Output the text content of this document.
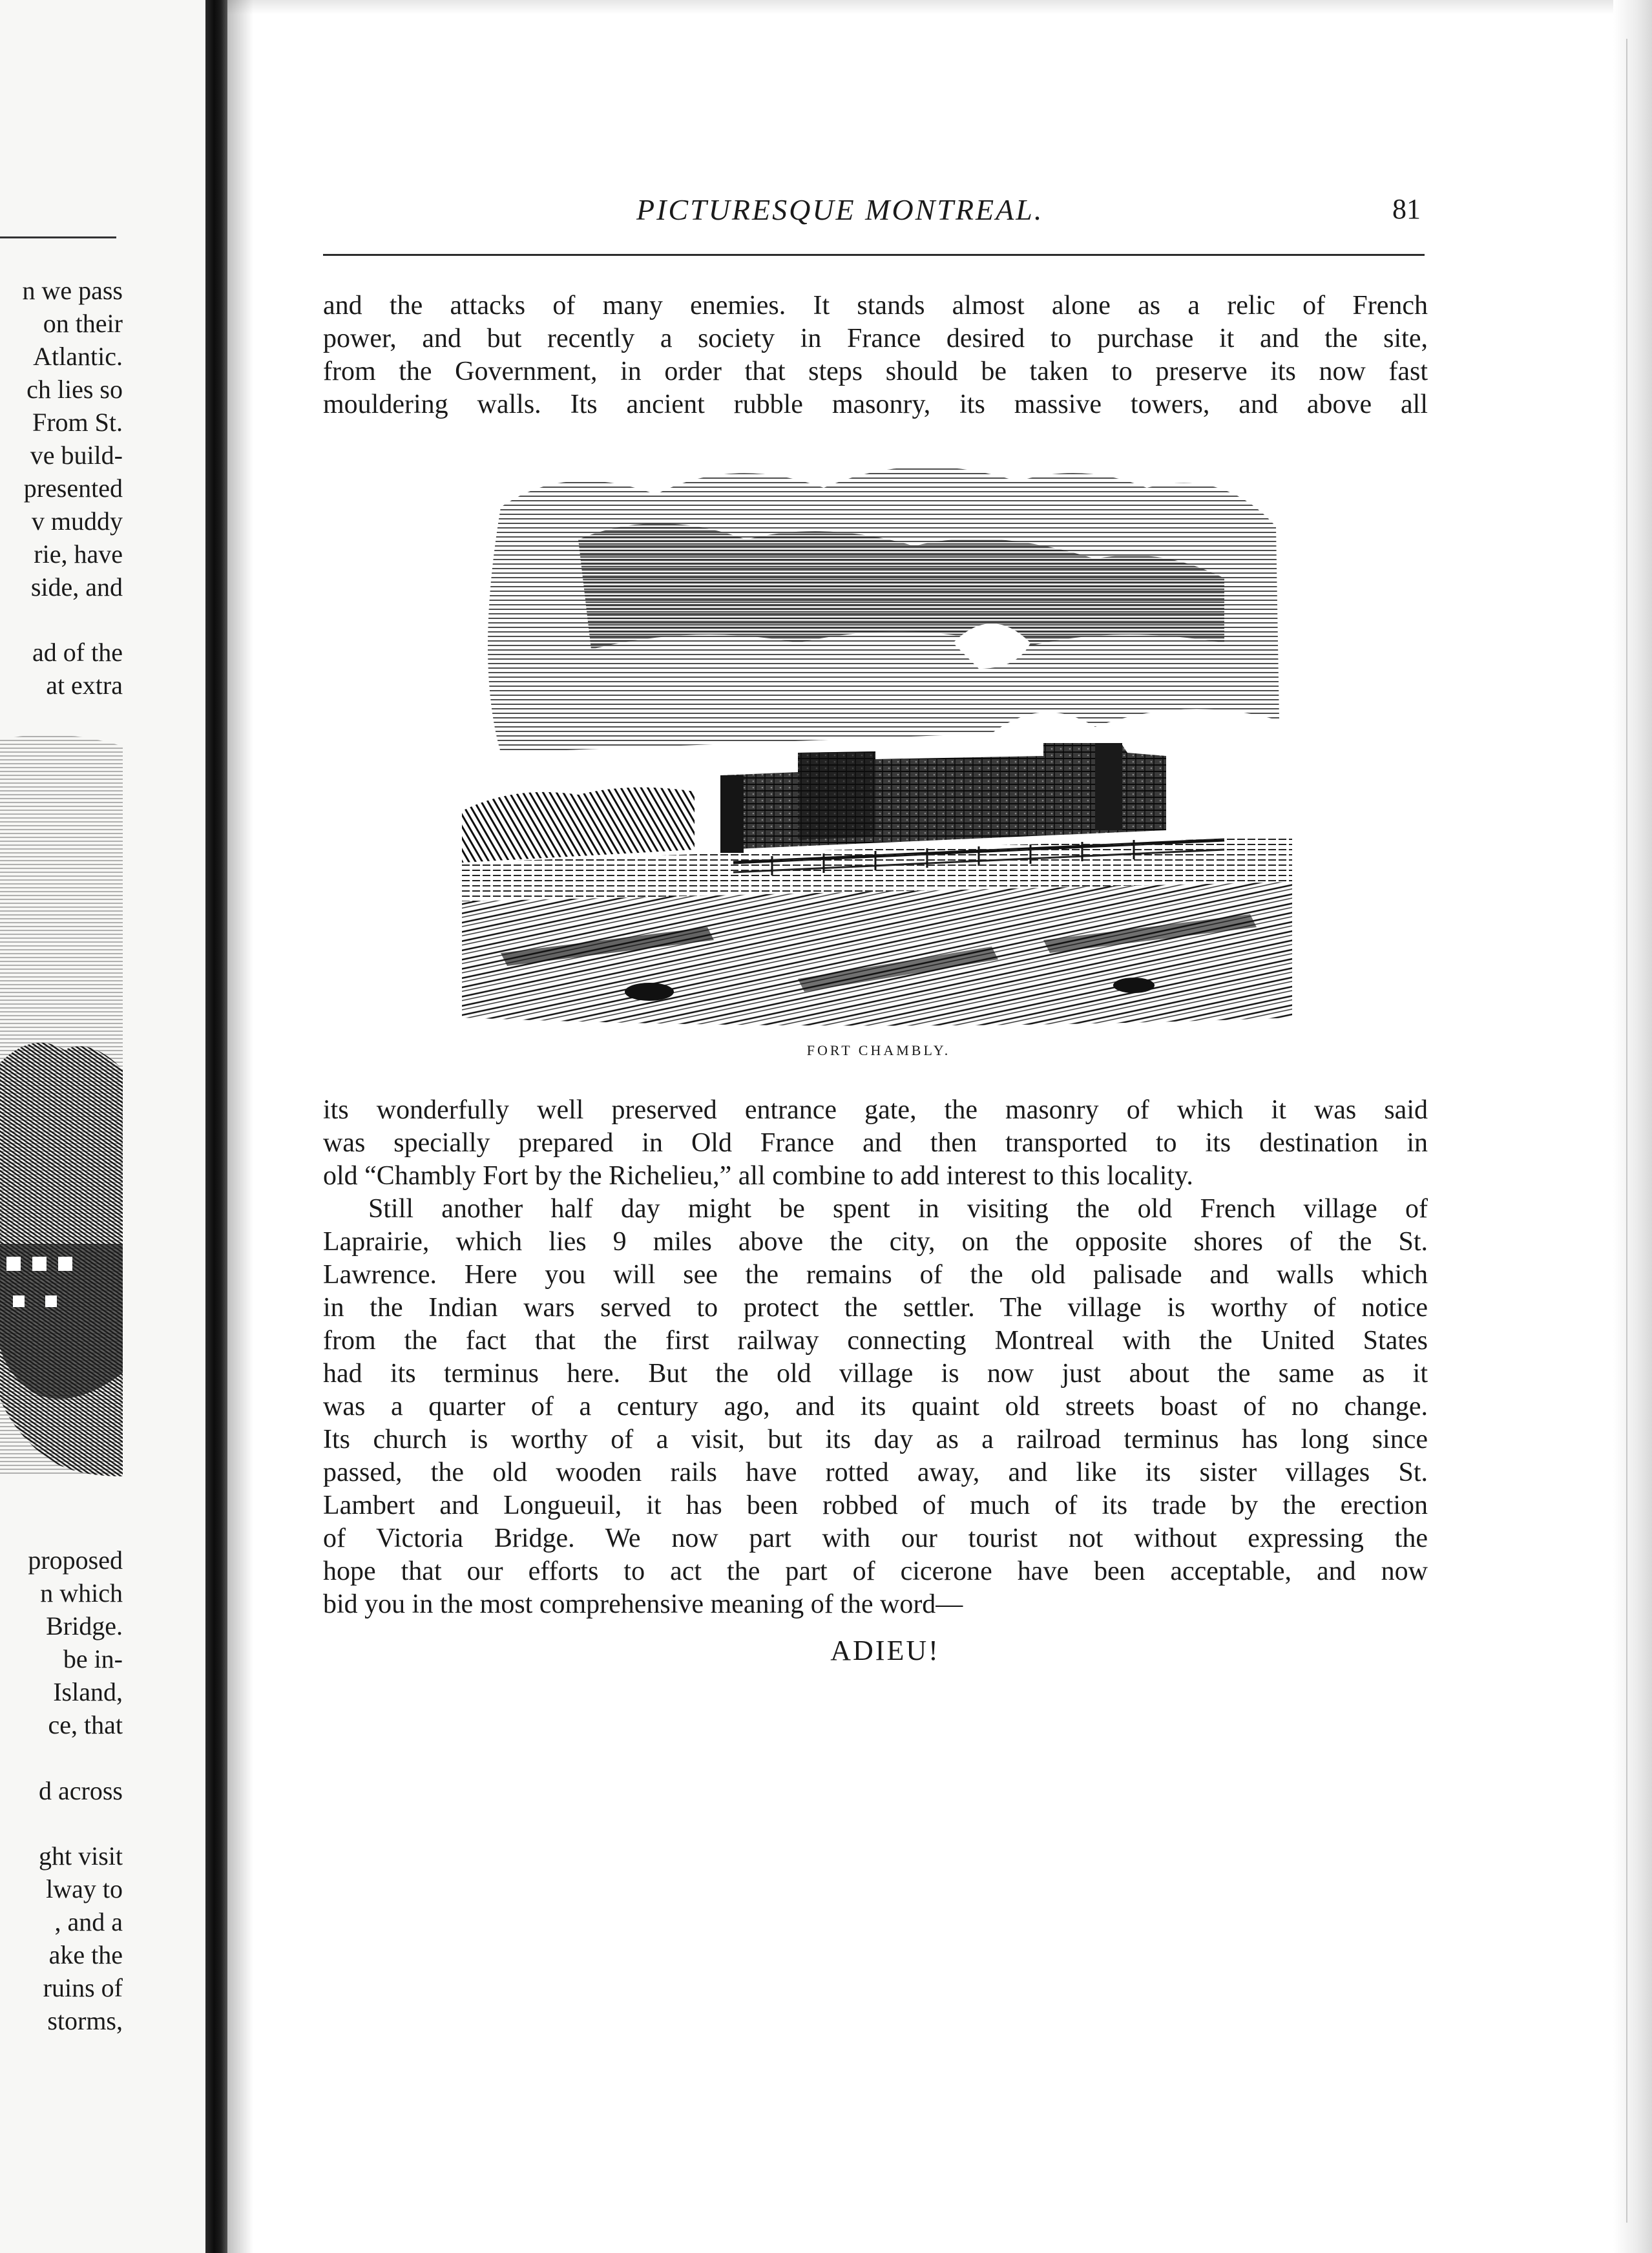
n we pass
on their
Atlantic.
ch lies so
From St.
ve build-
presented
v muddy
rie, have
side, and
ad of the
at extra
proposed
n which
Bridge.
be in-
Island,
ce, that
d across
ght visit
lway to
, and a
ake the
ruins of
storms,
PICTURESQUE MONTREAL.	81
and the attacks of many enemies. It stands almost alone as a relic of French
power, and but recently a society in France desired to purchase it and the site,
from the Government, in order that steps should be taken to preserve its now fast
mouldering walls. Its ancient rubble masonry, its massive towers, and above all
FORT CHAMBLY.
its wonderfully well preserved entrance gate, the masonry of which it was said
was specially prepared in Old France and then transported to its destination in
old “Chambly Fort by the Richelieu,” all combine to add interest to this locality.
Still another half day might be spent in visiting the old French village of
Laprairie, which lies 9 miles above the city, on the opposite shores of the St.
Lawrence. Here you will see the remains of the old palisade and walls which
in the Indian wars served to protect the settler. The village is worthy of notice
from the fact that the first railway connecting Montreal with the United States
had its terminus here. But the old village is now just about the same as it
was a quarter of a century ago, and its quaint old streets boast of no change.
Its church is worthy of a visit, but its day as a railroad terminus has long since
passed, the old wooden rails have rotted away, and like its sister villages St.
Lambert and Longueuil, it has been robbed of much of its trade by the erection
of Victoria Bridge. We now part with our tourist not without expressing the
hope that our efforts to act the part of cicerone have been acceptable, and now
bid you in the most comprehensive meaning of the word—
ADIEU!
